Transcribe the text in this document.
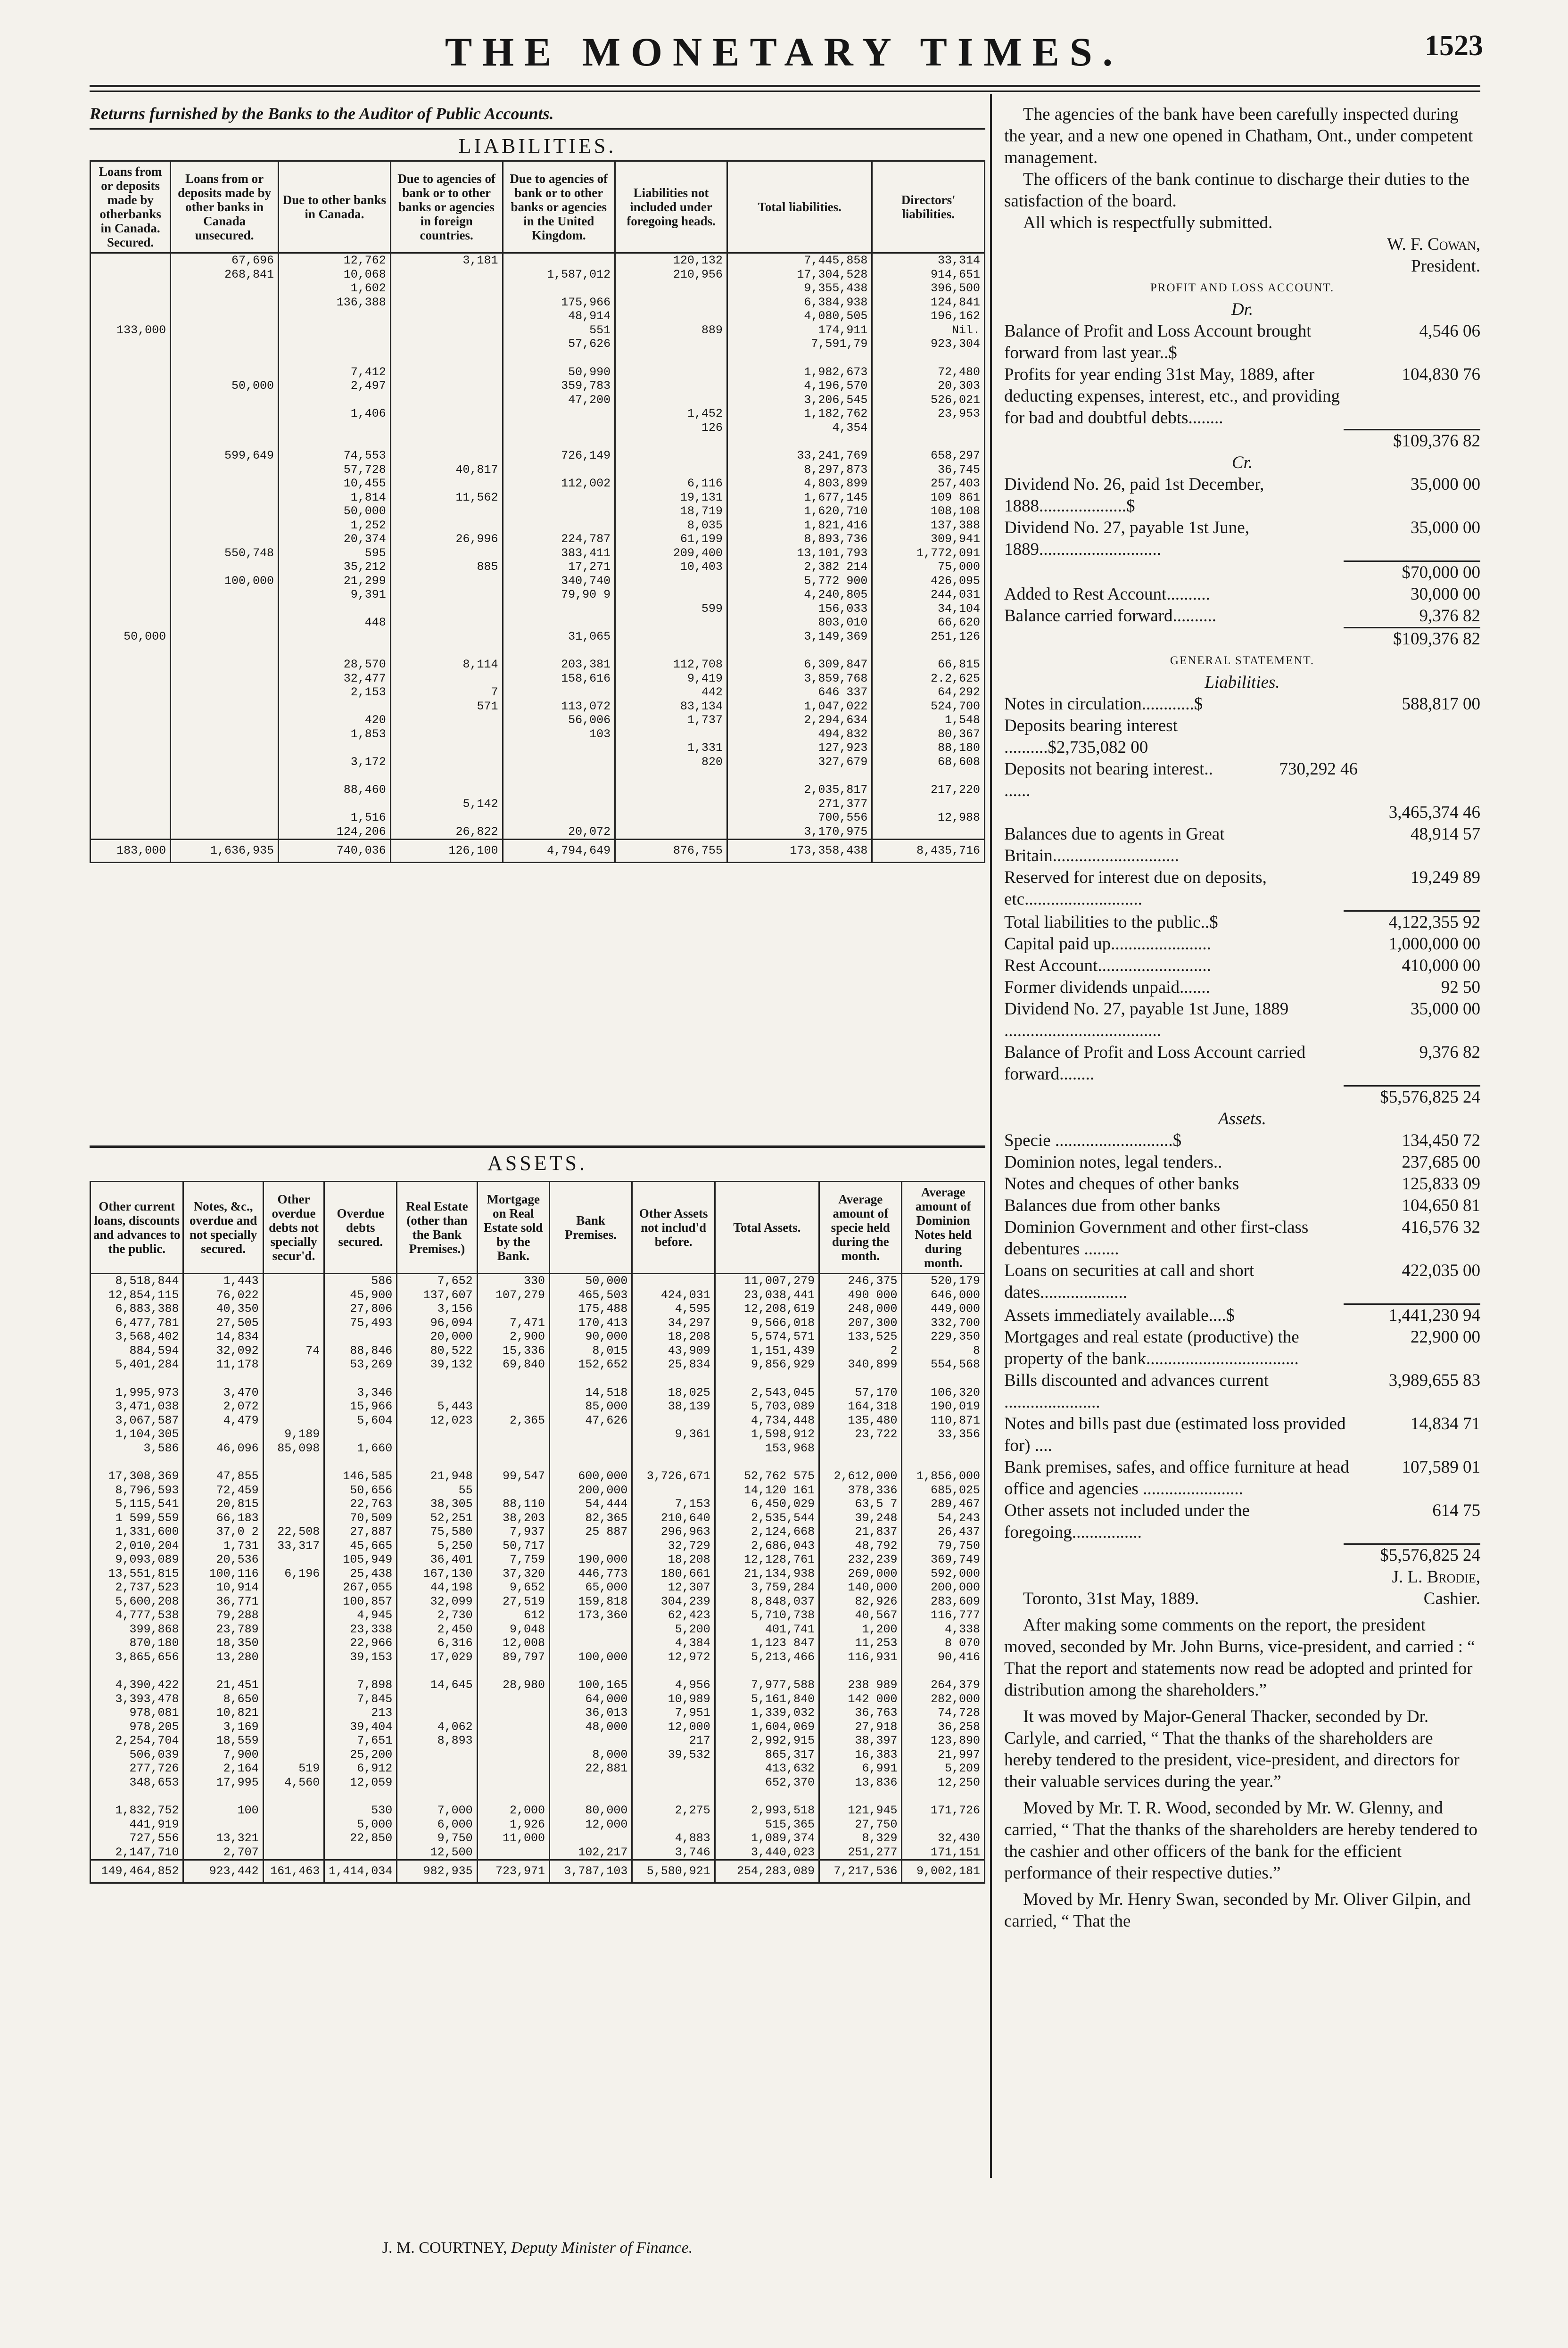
THE MONETARY TIMES.	1523
Returns furnished by the Banks to the Auditor of Public Accounts.
LIABILITIES.
Loans from or deposits made by otherbanks in Canada. Secured.	Loans from or deposits made by other banks in Canada unsecured.	Due to other banks in Canada.	Due to agencies of bank or to other banks or agencies in foreign countries.	Due to agencies of bank or to other banks or agencies in the United Kingdom.	Liabilities not included under foregoing heads.	Total liabilities.	Directors' liabilities.
	67,696	12,762	3,181		120,132	7,445,858	33,314
	268,841	10,068		1,587,012	210,956	17,304,528	914,651
		1,602				9,355,438	396,500
		136,388		175,966		6,384,938	124,841
				48,914		4,080,505	196,162
133,000				551	889	174,911	Nil.
				57,626		7,591,79	923,304

		7,412		50,990		1,982,673	72,480
	50,000	2,497		359,783		4,196,570	20,303
				47,200		3,206,545	526,021
		1,406			1,452	1,182,762	23,953
					126	4,354	

	599,649	74,553		726,149		33,241,769	658,297
		57,728	40,817			8,297,873	36,745
		10,455		112,002	6,116	4,803,899	257,403
		1,814	11,562		19,131	1,677,145	109 861
		50,000			18,719	1,620,710	108,108
		1,252			8,035	1,821,416	137,388
		20,374	26,996	224,787	61,199	8,893,736	309,941
	550,748	595		383,411	209,400	13,101,793	1,772,091
		35,212	885	17,271	10,403	2,382 214	75,000
	100,000	21,299		340,740		5,772 900	426,095
		9,391		79,90 9		4,240,805	244,031
					599	156,033	34,104
		448				803,010	66,620
50,000				31,065		3,149,369	251,126

		28,570	8,114	203,381	112,708	6,309,847	66,815
		32,477		158,616	9,419	3,859,768	2.2,625
		2,153	7		442	646 337	64,292
			571	113,072	83,134	1,047,022	524,700
		420		56,006	1,737	2,294,634	1,548
		1,853		103		494,832	80,367
					1,331	127,923	88,180
		3,172			820	327,679	68,608

		88,460				2,035,817	217,220
			5,142			271,377	
		1,516				700,556	12,988
		124,206	26,822	20,072		3,170,975	
183,000	1,636,935	740,036	126,100	4,794,649	876,755	173,358,438	8,435,716
ASSETS.
Other current loans, discounts and advances to the public.	Notes, &c., overdue and not specially secured.	Other overdue debts not specially secur'd.	Overdue debts secured.	Real Estate (other than the Bank Premises.)	Mortgage on Real Estate sold by the Bank.	Bank Premises.	Other Assets not includ'd before.	Total Assets.	Average amount of specie held during the month.	Average amount of Dominion Notes held during month.
8,518,844	1,443		586	7,652	330	50,000		11,007,279	246,375	520,179
12,854,115	76,022		45,900	137,607	107,279	465,503	424,031	23,038,441	490 000	646,000
6,883,388	40,350		27,806	3,156		175,488	4,595	12,208,619	248,000	449,000
6,477,781	27,505		75,493	96,094	7,471	170,413	34,297	9,566,018	207,300	332,700
3,568,402	14,834			20,000	2,900	90,000	18,208	5,574,571	133,525	229,350
884,594	32,092	74	88,846	80,522	15,336	8,015	43,909	1,151,439	2	8
5,401,284	11,178		53,269	39,132	69,840	152,652	25,834	9,856,929	340,899	554,568

1,995,973	3,470		3,346			14,518	18,025	2,543,045	57,170	106,320
3,471,038	2,072		15,966	5,443		85,000	38,139	5,703,089	164,318	190,019
3,067,587	4,479		5,604	12,023	2,365	47,626		4,734,448	135,480	110,871
1,104,305		9,189					9,361	1,598,912	23,722	33,356
3,586	46,096	85,098	1,660					153,968		

17,308,369	47,855		146,585	21,948	99,547	600,000	3,726,671	52,762 575	2,612,000	1,856,000
8,796,593	72,459		50,656	55		200,000		14,120 161	378,336	685,025
5,115,541	20,815		22,763	38,305	88,110	54,444	7,153	6,450,029	63,5 7	289,467
1 599,559	66,183		70,509	52,251	38,203	82,365	210,640	2,535,544	39,248	54,243
1,331,600	37,0 2	22,508	27,887	75,580	7,937	25 887	296,963	2,124,668	21,837	26,437
2,010,204	1,731	33,317	45,665	5,250	50,717		32,729	2,686,043	48,792	79,750
9,093,089	20,536		105,949	36,401	7,759	190,000	18,208	12,128,761	232,239	369,749
13,551,815	100,116	6,196	25,438	167,130	37,320	446,773	180,661	21,134,938	269,000	592,000
2,737,523	10,914		267,055	44,198	9,652	65,000	12,307	3,759,284	140,000	200,000
5,600,208	36,771		100,857	32,099	27,519	159,818	304,239	8,848,037	82,926	283,609
4,777,538	79,288		4,945	2,730	612	173,360	62,423	5,710,738	40,567	116,777
399,868	23,789		23,338	2,450	9,048		5,200	401,741	1,200	4,338
870,180	18,350		22,966	6,316	12,008		4,384	1,123 847	11,253	8 070
3,865,656	13,280		39,153	17,029	89,797	100,000	12,972	5,213,466	116,931	90,416

4,390,422	21,451		7,898	14,645	28,980	100,165	4,956	7,977,588	238 989	264,379
3,393,478	8,650		7,845			64,000	10,989	5,161,840	142 000	282,000
978,081	10,821		213			36,013	7,951	1,339,032	36,763	74,728
978,205	3,169		39,404	4,062		48,000	12,000	1,604,069	27,918	36,258
2,254,704	18,559		7,651	8,893			217	2,992,915	38,397	123,890
506,039	7,900		25,200			8,000	39,532	865,317	16,383	21,997
277,726	2,164	519	6,912			22,881		413,632	6,991	5,209
348,653	17,995	4,560	12,059					652,370	13,836	12,250

1,832,752	100		530	7,000	2,000	80,000	2,275	2,993,518	121,945	171,726
441,919			5,000	6,000	1,926	12,000		515,365	27,750	
727,556	13,321		22,850	9,750	11,000		4,883	1,089,374	8,329	32,430
2,147,710	2,707			12,500		102,217	3,746	3,440,023	251,277	171,151
149,464,852	923,442	161,463	1,414,034	982,935	723,971	3,787,103	5,580,921	254,283,089	7,217,536	9,002,181
J. M. COURTNEY, Deputy Minister of Finance.

The agencies of the bank have been carefully inspected during the year, and a new one opened in Chatham, Ont., under competent management.

The officers of the bank continue to discharge their duties to the satisfaction of the board.

All which is respectfully submitted.

W. F. Cowan,

President.

PROFIT AND LOSS ACCOUNT.

Dr.

Balance of Profit and Loss Account brought forward from last year..$
4,546 06
Profits for year ending 31st May, 1889, after deducting expenses, interest, etc., and providing for bad and doubtful debts........
104,830 76
$109,376 82

Cr.

Dividend No. 26, paid 1st December, 1888....................$
35,000 00
Dividend No. 27, payable 1st June, 1889............................
35,000 00
$70,000 00
Added to Rest Account..........	30,000 00
Balance carried forward..........	9,376 82
$109,376 82

GENERAL STATEMENT.

Liabilities.

Notes in circulation............$	588,817 00
Deposits bearing interest ..........$2,735,082 00
Deposits not bearing interest.. ......
730,292 46
3,465,374 46
Balances due to agents in Great Britain.............................
48,914 57
Reserved for interest due on deposits, etc...........................
19,249 89
Total liabilities to the public..$	4,122,355 92
Capital paid up.......................	1,000,000 00
Rest Account..........................	410,000 00
Former dividends unpaid.......	92 50
Dividend No. 27, payable 1st June, 1889 ....................................
35,000 00
Balance of Profit and Loss Account carried forward........
9,376 82
$5,576,825 24

Assets.

Specie ...........................$	134,450 72
Dominion notes, legal tenders..	237,685 00
Notes and cheques of other banks	125,833 09
Balances due from other banks	104,650 81
Dominion Government and other first-class debentures ........
416,576 32
Loans on securities at call and short dates....................
422,035 00
Assets immediately available....$	1,441,230 94
Mortgages and real estate (productive) the property of the bank...................................
22,900 00
Bills discounted and advances current ......................
3,989,655 83
Notes and bills past due (estimated loss provided for) ....
14,834 71
Bank premises, safes, and office furniture at head office and agencies .......................
107,589 01
Other assets not included under the foregoing................
614 75
$5,576,825 24

J. L. Brodie,

Toronto, 31st May, 1889.	Cashier.

After making some comments on the report, the president moved, seconded by Mr. John Burns, vice-president, and carried : “ That the report and statements now read be adopted and printed for distribution among the shareholders.”

It was moved by Major-General Thacker, seconded by Dr. Carlyle, and carried, “ That the thanks of the shareholders are hereby tendered to the president, vice-president, and directors for their valuable services during the year.”

Moved by Mr. T. R. Wood, seconded by Mr. W. Glenny, and carried, “ That the thanks of the shareholders are hereby tendered to the cashier and other officers of the bank for the efficient performance of their respective duties.”

Moved by Mr. Henry Swan, seconded by Mr. Oliver Gilpin, and carried, “ That the
